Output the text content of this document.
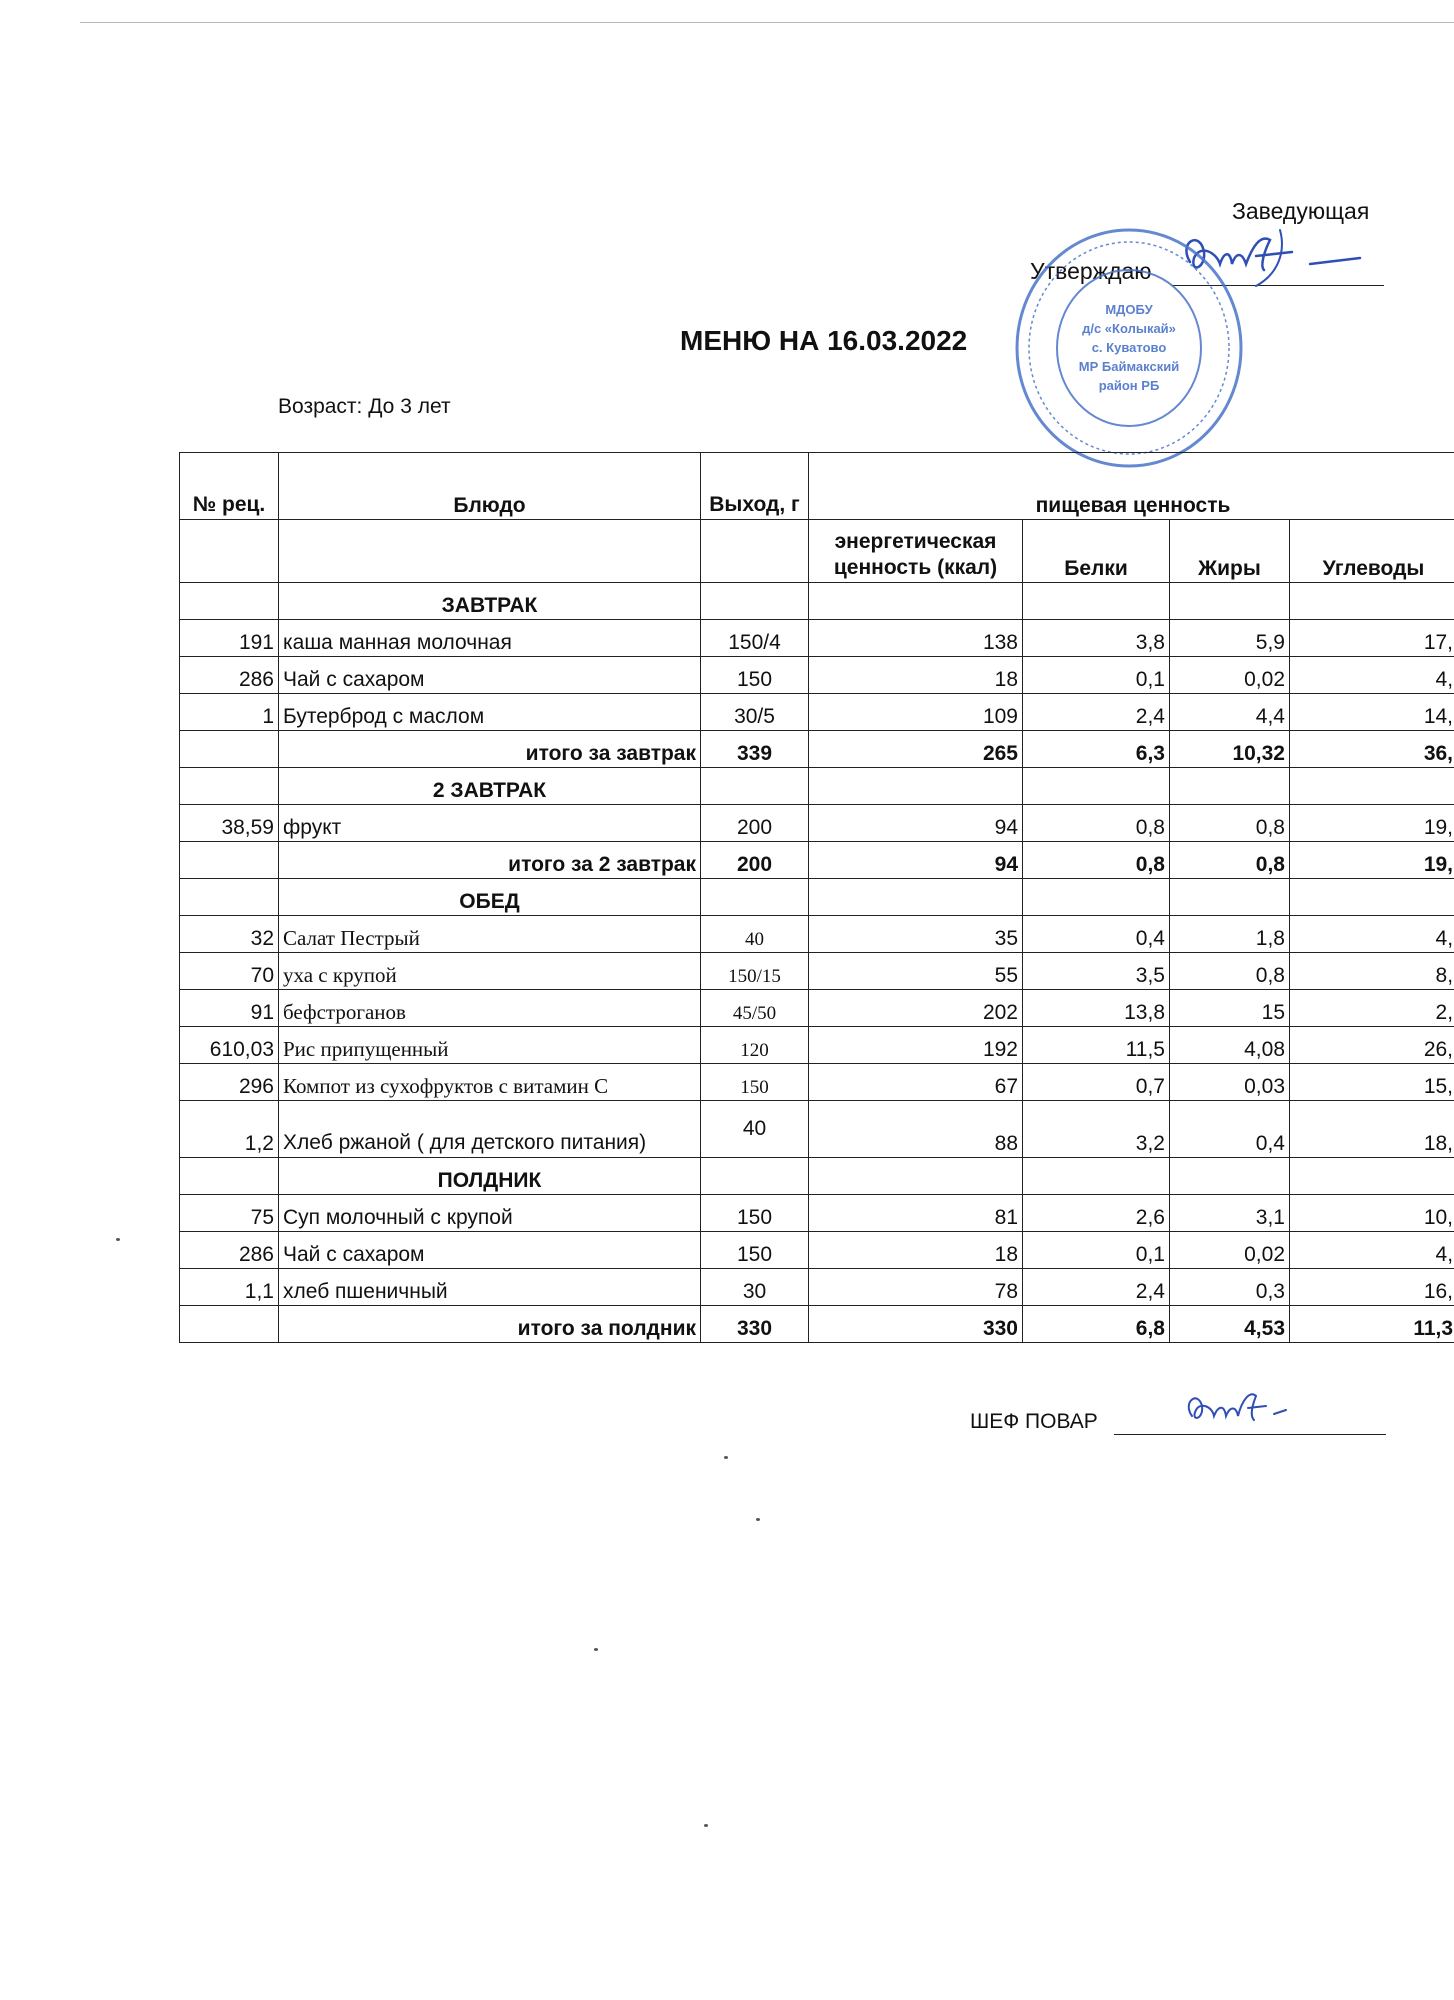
Заведующая
Утверждаю
МДОБУ
д/с «Колыкай»
с. Куватово
МР Баймакский
район РБ
МЕНЮ НА 16.03.2022
Возраст: До 3 лет
№ рец.	Блюдо	Выход, г	пищевая ценность			
			энергетическая ценность (ккал)	Белки	Жиры	Углеводы
	ЗАВТРАК					
191	каша манная молочная	150/4	138	3,8	5,9	17,
286	Чай с сахаром	150	18	0,1	0,02	4,
1	Бутерброд с маслом	30/5	109	2,4	4,4	14,
	итого за завтрак	339	265	6,3	10,32	36,
	2 ЗАВТРАК					
38,59	фрукт	200	94	0,8	0,8	19,
	итого за 2 завтрак	200	94	0,8	0,8	19,
	ОБЕД					
32	Салат Пестрый	40	35	0,4	1,8	4,
70	уха с крупой	150/15	55	3,5	0,8	8,
91	бефстроганов	45/50	202	13,8	15	2,
610,03	Рис припущенный	120	192	11,5	4,08	26,
296	Компот из сухофруктов с витамин С	150	67	0,7	0,03	15,
1,2	Хлеб ржаной ( для детского питания)	40	88	3,2	0,4	18,
	ПОЛДНИК					
75	Суп молочный с крупой	150	81	2,6	3,1	10,
286	Чай с сахаром	150	18	0,1	0,02	4,
1,1	хлеб пшеничный	30	78	2,4	0,3	16,
	итого за полдник	330	330	6,8	4,53	11,3
ШЕФ ПОВАР
